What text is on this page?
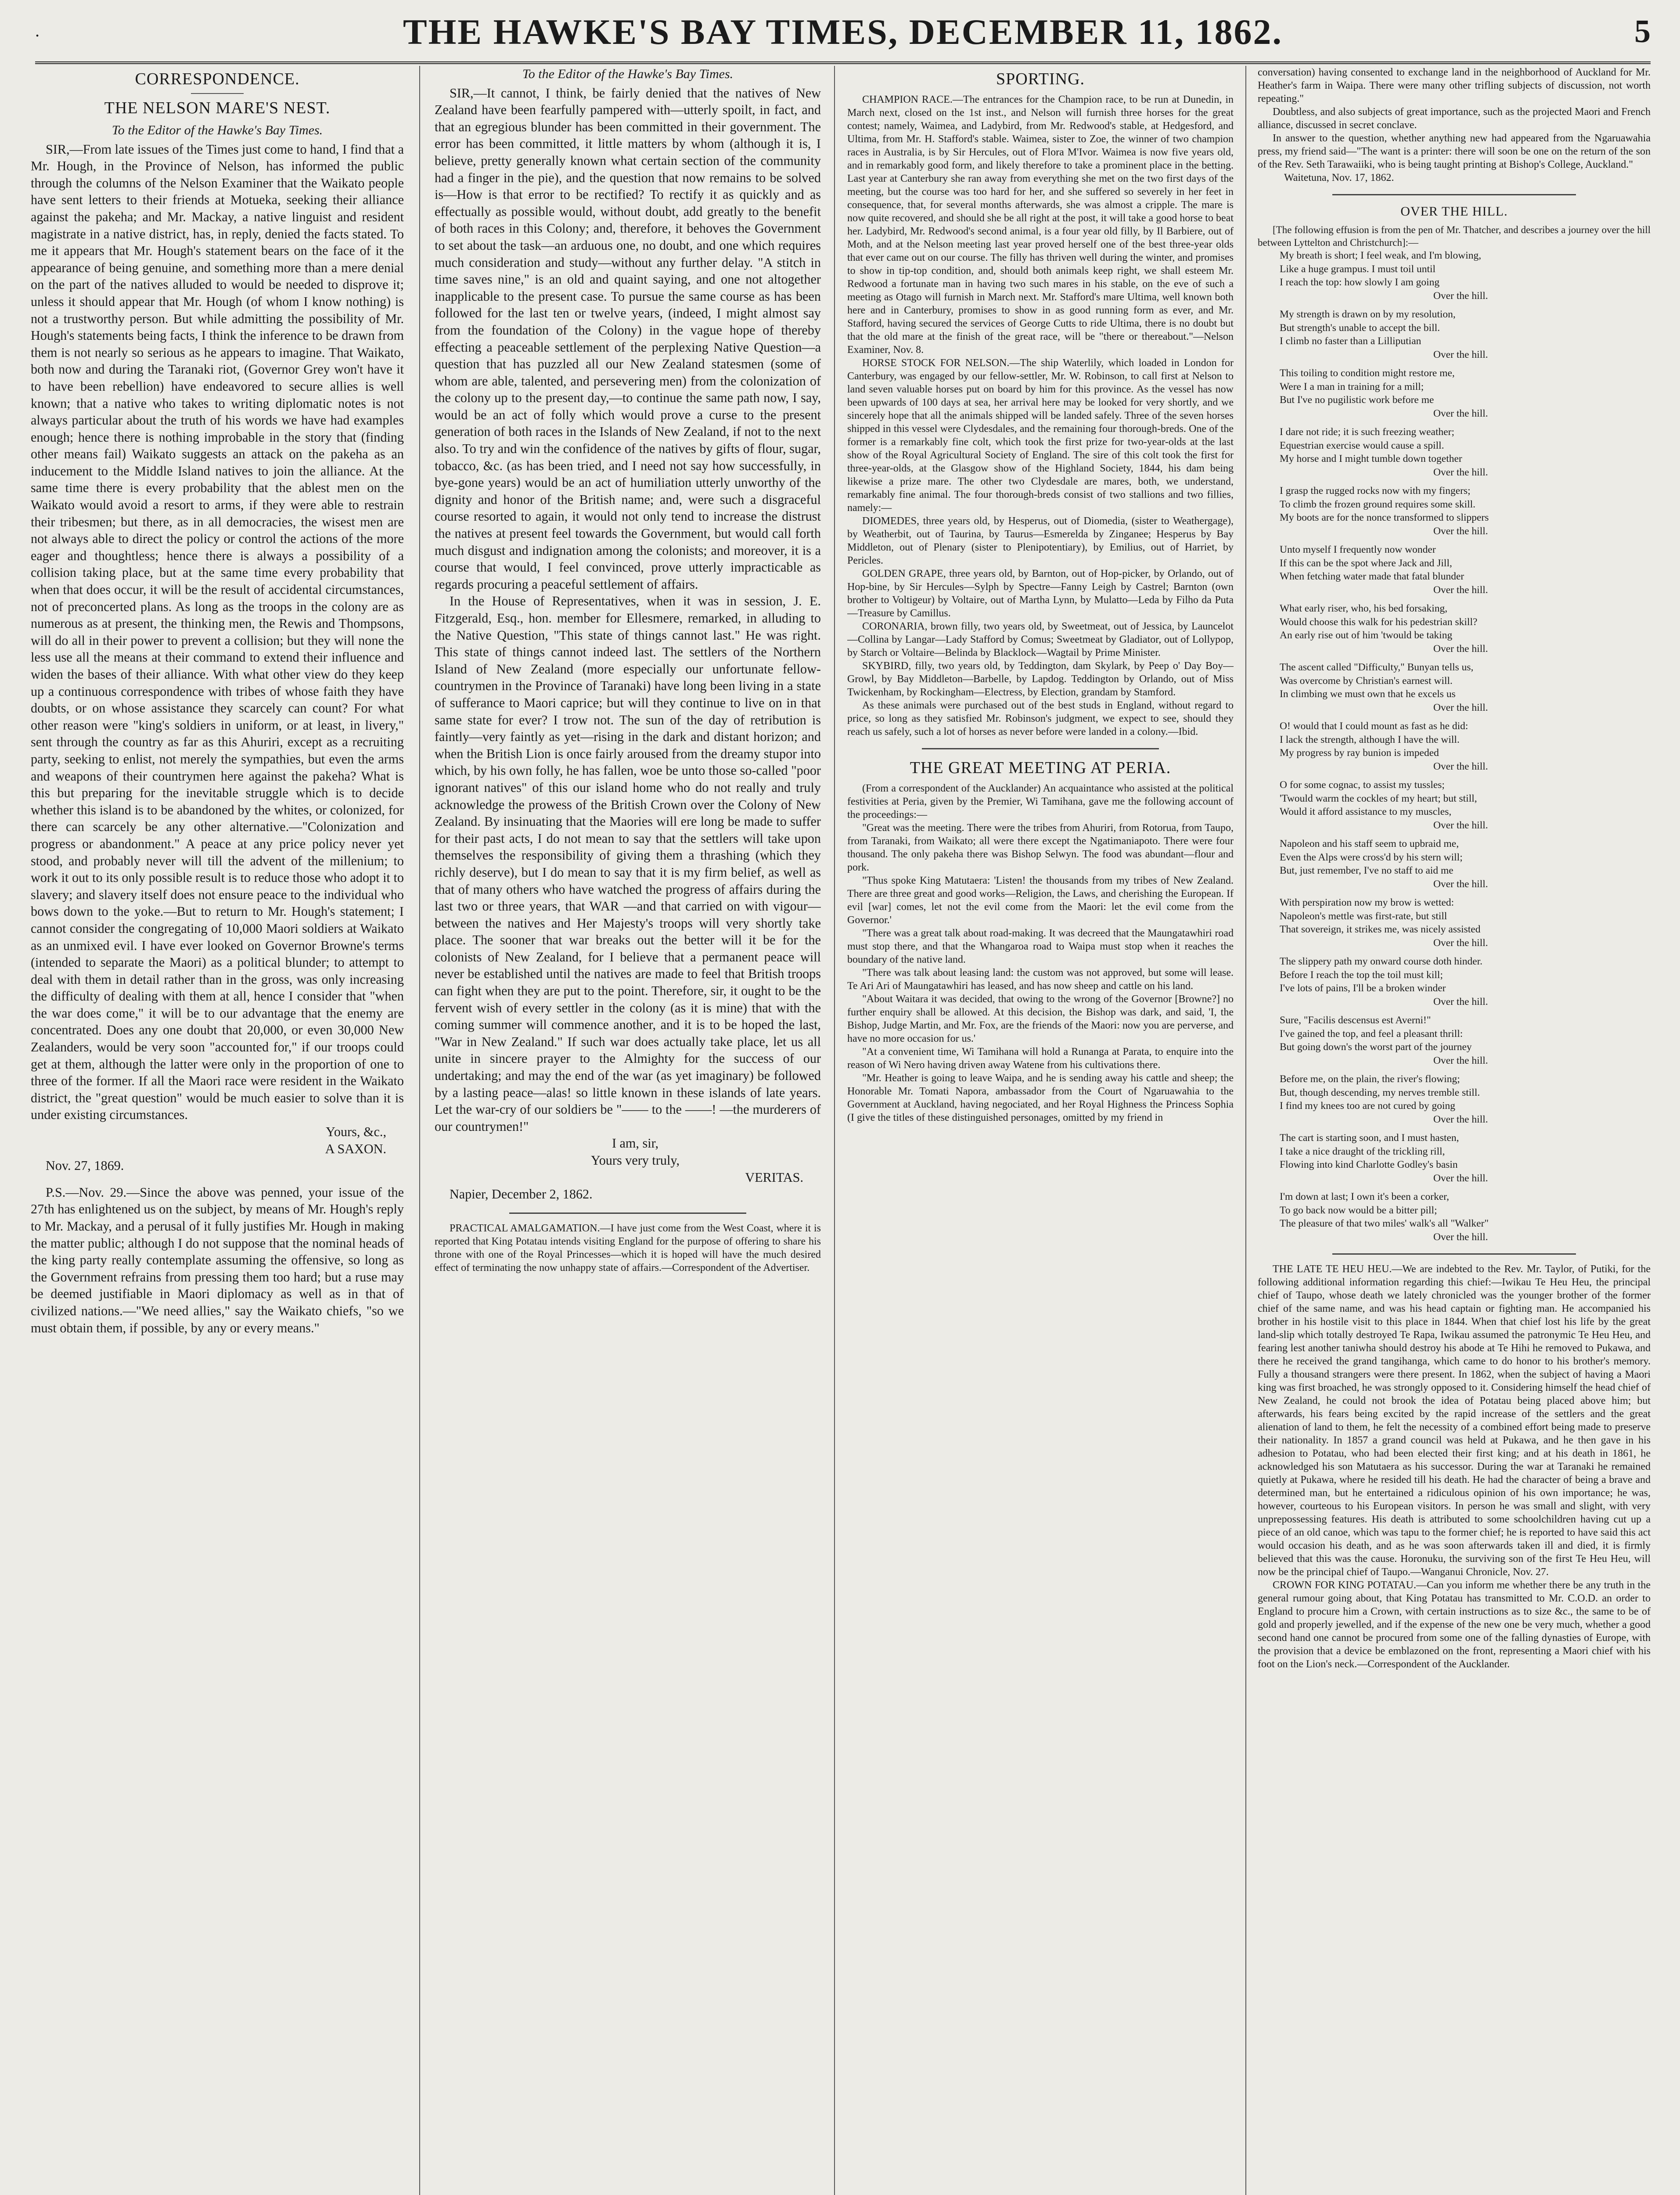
.	THE HAWKE'S BAY TIMES, DECEMBER 11, 1862.	5
CORRESPONDENCE.
THE NELSON MARE'S NEST.
To the Editor of the Hawke's Bay Times.

SIR,—From late issues of the Times just come to hand, I find that a Mr. Hough, in the Province of Nelson, has informed the public through the columns of the Nelson Examiner that the Waikato people have sent letters to their friends at Motueka, seeking their alliance against the pakeha; and Mr. Mackay, a native linguist and resident magistrate in a native district, has, in reply, denied the facts stated. To me it appears that Mr. Hough's statement bears on the face of it the appearance of being genuine, and something more than a mere denial on the part of the natives alluded to would be needed to disprove it; unless it should appear that Mr. Hough (of whom I know nothing) is not a trustworthy person. But while admitting the possibility of Mr. Hough's statements being facts, I think the inference to be drawn from them is not nearly so serious as he appears to imagine. That Waikato, both now and during the Taranaki riot, (Governor Grey won't have it to have been rebellion) have endeavored to secure allies is well known; that a native who takes to writing diplomatic notes is not always particular about the truth of his words we have had examples enough; hence there is nothing improbable in the story that (finding other means fail) Waikato suggests an attack on the pakeha as an inducement to the Middle Island natives to join the alliance. At the same time there is every probability that the ablest men on the Waikato would avoid a resort to arms, if they were able to restrain their tribesmen; but there, as in all democracies, the wisest men are not always able to direct the policy or control the actions of the more eager and thoughtless; hence there is always a possibility of a collision taking place, but at the same time every probability that when that does occur, it will be the result of accidental circumstances, not of preconcerted plans. As long as the troops in the colony are as numerous as at present, the thinking men, the Rewis and Thompsons, will do all in their power to prevent a collision; but they will none the less use all the means at their command to extend their influence and widen the bases of their alliance. With what other view do they keep up a continuous correspondence with tribes of whose faith they have doubts, or on whose assistance they scarcely can count? For what other reason were "king's soldiers in uniform, or at least, in livery," sent through the country as far as this Ahuriri, except as a recruiting party, seeking to enlist, not merely the sympathies, but even the arms and weapons of their countrymen here against the pakeha? What is this but preparing for the inevitable struggle which is to decide whether this island is to be abandoned by the whites, or colonized, for there can scarcely be any other alternative.—"Colonization and progress or abandonment." A peace at any price policy never yet stood, and probably never will till the advent of the millenium; to work it out to its only possible result is to reduce those who adopt it to slavery; and slavery itself does not ensure peace to the individual who bows down to the yoke.—But to return to Mr. Hough's statement; I cannot consider the congregating of 10,000 Maori soldiers at Waikato as an unmixed evil. I have ever looked on Governor Browne's terms (intended to separate the Maori) as a political blunder; to attempt to deal with them in detail rather than in the gross, was only increasing the difficulty of dealing with them at all, hence I consider that "when the war does come," it will be to our advantage that the enemy are concentrated. Does any one doubt that 20,000, or even 30,000 New Zealanders, would be very soon "accounted for," if our troops could get at them, although the latter were only in the proportion of one to three of the former. If all the Maori race were resident in the Waikato district, the "great question" would be much easier to solve than it is under existing circumstances.

Yours, &c.,

A SAXON.

Nov. 27, 1869.

P.S.—Nov. 29.—Since the above was penned, your issue of the 27th has enlightened us on the subject, by means of Mr. Hough's reply to Mr. Mackay, and a perusal of it fully justifies Mr. Hough in making the matter public; although I do not suppose that the nominal heads of the king party really contemplate assuming the offensive, so long as the Government refrains from pressing them too hard; but a ruse may be deemed justifiable in Maori diplomacy as well as in that of civilized nations.—"We need allies," say the Waikato chiefs, "so we must obtain them, if possible, by any or every means."

To the Editor of the Hawke's Bay Times.

SIR,—It cannot, I think, be fairly denied that the natives of New Zealand have been fearfully pampered with—utterly spoilt, in fact, and that an egregious blunder has been committed in their government. The error has been committed, it little matters by whom (although it is, I believe, pretty generally known what certain section of the community had a finger in the pie), and the question that now remains to be solved is—How is that error to be rectified? To rectify it as quickly and as effectually as possible would, without doubt, add greatly to the benefit of both races in this Colony; and, therefore, it behoves the Government to set about the task—an arduous one, no doubt, and one which requires much consideration and study—without any further delay. "A stitch in time saves nine," is an old and quaint saying, and one not altogether inapplicable to the present case. To pursue the same course as has been followed for the last ten or twelve years, (indeed, I might almost say from the foundation of the Colony) in the vague hope of thereby effecting a peaceable settlement of the perplexing Native Question—a question that has puzzled all our New Zealand statesmen (some of whom are able, talented, and persevering men) from the colonization of the colony up to the present day,—to continue the same path now, I say, would be an act of folly which would prove a curse to the present generation of both races in the Islands of New Zealand, if not to the next also. To try and win the confidence of the natives by gifts of flour, sugar, tobacco, &c. (as has been tried, and I need not say how successfully, in bye-gone years) would be an act of humiliation utterly unworthy of the dignity and honor of the British name; and, were such a disgraceful course resorted to again, it would not only tend to increase the distrust the natives at present feel towards the Government, but would call forth much disgust and indignation among the colonists; and moreover, it is a course that would, I feel convinced, prove utterly impracticable as regards procuring a peaceful settlement of affairs.

In the House of Representatives, when it was in session, J. E. Fitzgerald, Esq., hon. member for Ellesmere, remarked, in alluding to the Native Question, "This state of things cannot last." He was right. This state of things cannot indeed last. The settlers of the Northern Island of New Zealand (more especially our unfortunate fellow-countrymen in the Province of Taranaki) have long been living in a state of sufferance to Maori caprice; but will they continue to live on in that same state for ever? I trow not. The sun of the day of retribution is faintly—very faintly as yet—rising in the dark and distant horizon; and when the British Lion is once fairly aroused from the dreamy stupor into which, by his own folly, he has fallen, woe be unto those so-called "poor ignorant natives" of this our island home who do not really and truly acknowledge the prowess of the British Crown over the Colony of New Zealand. By insinuating that the Maories will ere long be made to suffer for their past acts, I do not mean to say that the settlers will take upon themselves the responsibility of giving them a thrashing (which they richly deserve), but I do mean to say that it is my firm belief, as well as that of many others who have watched the progress of affairs during the last two or three years, that WAR —and that carried on with vigour—between the natives and Her Majesty's troops will very shortly take place. The sooner that war breaks out the better will it be for the colonists of New Zealand, for I believe that a permanent peace will never be established until the natives are made to feel that British troops can fight when they are put to the point. Therefore, sir, it ought to be the fervent wish of every settler in the colony (as it is mine) that with the coming summer will commence another, and it is to be hoped the last, "War in New Zealand." If such war does actually take place, let us all unite in sincere prayer to the Almighty for the success of our undertaking; and may the end of the war (as yet imaginary) be followed by a lasting peace—alas! so little known in these islands of late years. Let the war-cry of our soldiers be "—— to the ——! —the murderers of our countrymen!"

I am, sir,

Yours very truly,

VERITAS.

Napier, December 2, 1862.

PRACTICAL AMALGAMATION.—I have just come from the West Coast, where it is reported that King Potatau intends visiting England for the purpose of offering to share his throne with one of the Royal Princesses—which it is hoped will have the much desired effect of terminating the now unhappy state of affairs.—Correspondent of the Advertiser.

SPORTING.

CHAMPION RACE.—The entrances for the Champion race, to be run at Dunedin, in March next, closed on the 1st inst., and Nelson will furnish three horses for the great contest; namely, Waimea, and Ladybird, from Mr. Redwood's stable, at Hedgesford, and Ultima, from Mr. H. Stafford's stable. Waimea, sister to Zoe, the winner of two champion races in Australia, is by Sir Hercules, out of Flora M'Ivor. Waimea is now five years old, and in remarkably good form, and likely therefore to take a prominent place in the betting. Last year at Canterbury she ran away from everything she met on the two first days of the meeting, but the course was too hard for her, and she suffered so severely in her feet in consequence, that, for several months afterwards, she was almost a cripple. The mare is now quite recovered, and should she be all right at the post, it will take a good horse to beat her. Ladybird, Mr. Redwood's second animal, is a four year old filly, by Il Barbiere, out of Moth, and at the Nelson meeting last year proved herself one of the best three-year olds that ever came out on our course. The filly has thriven well during the winter, and promises to show in tip-top condition, and, should both animals keep right, we shall esteem Mr. Redwood a fortunate man in having two such mares in his stable, on the eve of such a meeting as Otago will furnish in March next. Mr. Stafford's mare Ultima, well known both here and in Canterbury, promises to show in as good running form as ever, and Mr. Stafford, having secured the services of George Cutts to ride Ultima, there is no doubt but that the old mare at the finish of the great race, will be "there or thereabout."—Nelson Examiner, Nov. 8.

HORSE STOCK FOR NELSON.—The ship Waterlily, which loaded in London for Canterbury, was engaged by our fellow-settler, Mr. W. Robinson, to call first at Nelson to land seven valuable horses put on board by him for this province. As the vessel has now been upwards of 100 days at sea, her arrival here may be looked for very shortly, and we sincerely hope that all the animals shipped will be landed safely. Three of the seven horses shipped in this vessel were Clydesdales, and the remaining four thorough-breds. One of the former is a remarkably fine colt, which took the first prize for two-year-olds at the last show of the Royal Agricultural Society of England. The sire of this colt took the first for three-year-olds, at the Glasgow show of the Highland Society, 1844, his dam being likewise a prize mare. The other two Clydesdale are mares, both, we understand, remarkably fine animal. The four thorough-breds consist of two stallions and two fillies, namely:—

DIOMEDES, three years old, by Hesperus, out of Diomedia, (sister to Weathergage), by Weatherbit, out of Taurina, by Taurus—Esmerelda by Zinganee; Hesperus by Bay Middleton, out of Plenary (sister to Plenipotentiary), by Emilius, out of Harriet, by Pericles.

GOLDEN GRAPE, three years old, by Barnton, out of Hop-picker, by Orlando, out of Hop-bine, by Sir Hercules—Sylph by Spectre—Fanny Leigh by Castrel; Barnton (own brother to Voltigeur) by Voltaire, out of Martha Lynn, by Mulatto—Leda by Filho da Puta—Treasure by Camillus.

CORONARIA, brown filly, two years old, by Sweetmeat, out of Jessica, by Launcelot—Collina by Langar—Lady Stafford by Comus; Sweetmeat by Gladiator, out of Lollypop, by Starch or Voltaire—Belinda by Blacklock—Wagtail by Prime Minister.

SKYBIRD, filly, two years old, by Teddington, dam Skylark, by Peep o' Day Boy—Growl, by Bay Middleton—Barbelle, by Lapdog. Teddington by Orlando, out of Miss Twickenham, by Rockingham—Electress, by Election, grandam by Stamford.

As these animals were purchased out of the best studs in England, without regard to price, so long as they satisfied Mr. Robinson's judgment, we expect to see, should they reach us safely, such a lot of horses as never before were landed in a colony.—Ibid.

THE GREAT MEETING AT PERIA.

(From a correspondent of the Aucklander) An acquaintance who assisted at the political festivities at Peria, given by the Premier, Wi Tamihana, gave me the following account of the proceedings:—

"Great was the meeting. There were the tribes from Ahuriri, from Rotorua, from Taupo, from Taranaki, from Waikato; all were there except the Ngatimaniapoto. There were four thousand. The only pakeha there was Bishop Selwyn. The food was abundant—flour and pork.

"Thus spoke King Matutaera: 'Listen! the thousands from my tribes of New Zealand. There are three great and good works—Religion, the Laws, and cherishing the European. If evil [war] comes, let not the evil come from the Maori: let the evil come from the Governor.'

"There was a great talk about road-making. It was decreed that the Maungatawhiri road must stop there, and that the Whangaroa road to Waipa must stop when it reaches the boundary of the native land.

"There was talk about leasing land: the custom was not approved, but some will lease. Te Ari Ari of Maungatawhiri has leased, and has now sheep and cattle on his land.

"About Waitara it was decided, that owing to the wrong of the Governor [Browne?] no further enquiry shall be allowed. At this decision, the Bishop was dark, and said, 'I, the Bishop, Judge Martin, and Mr. Fox, are the friends of the Maori: now you are perverse, and have no more occasion for us.'

"At a convenient time, Wi Tamihana will hold a Runanga at Parata, to enquire into the reason of Wi Nero having driven away Watene from his cultivations there.

"Mr. Heather is going to leave Waipa, and he is sending away his cattle and sheep; the Honorable Mr. Tomati Napora, ambassador from the Court of Ngaruawahia to the Government at Auckland, having negociated, and her Royal Highness the Princess Sophia (I give the titles of these distinguished personages, omitted by my friend in

conversation) having consented to exchange land in the neighborhood of Auckland for Mr. Heather's farm in Waipa. There were many other trifling subjects of discussion, not worth repeating."

Doubtless, and also subjects of great importance, such as the projected Maori and French alliance, discussed in secret conclave.

In answer to the question, whether anything new had appeared from the Ngaruawahia press, my friend said—"The want is a printer: there will soon be one on the return of the son of the Rev. Seth Tarawaiiki, who is being taught printing at Bishop's College, Auckland."

Waitetuna, Nov. 17, 1862.

OVER THE HILL.

[The following effusion is from the pen of Mr. Thatcher, and describes a journey over the hill between Lyttelton and Christchurch]:—

My breath is short; I feel weak, and I'm blowing,
Like a huge grampus. I must toil until
I reach the top: how slowly I am going
Over the hill.
My strength is drawn on by my resolution,
But strength's unable to accept the bill.
I climb no faster than a Lilliputian
Over the hill.
This toiling to condition might restore me,
Were I a man in training for a mill;
But I've no pugilistic work before me
Over the hill.
I dare not ride; it is such freezing weather;
Equestrian exercise would cause a spill.
My horse and I might tumble down together
Over the hill.
I grasp the rugged rocks now with my fingers;
To climb the frozen ground requires some skill.
My boots are for the nonce transformed to slippers
Over the hill.
Unto myself I frequently now wonder
If this can be the spot where Jack and Jill,
When fetching water made that fatal blunder
Over the hill.
What early riser, who, his bed forsaking,
Would choose this walk for his pedestrian skill?
An early rise out of him 'twould be taking
Over the hill.
The ascent called "Difficulty," Bunyan tells us,
Was overcome by Christian's earnest will.
In climbing we must own that he excels us
Over the hill.
O! would that I could mount as fast as he did:
I lack the strength, although I have the will.
My progress by ray bunion is impeded
Over the hill.
O for some cognac, to assist my tussles;
'Twould warm the cockles of my heart; but still,
Would it afford assistance to my muscles,
Over the hill.
Napoleon and his staff seem to upbraid me,
Even the Alps were cross'd by his stern will;
But, just remember, I've no staff to aid me
Over the hill.
With perspiration now my brow is wetted:
Napoleon's mettle was first-rate, but still
That sovereign, it strikes me, was nicely assisted
Over the hill.
The slippery path my onward course doth hinder.
Before I reach the top the toil must kill;
I've lots of pains, I'll be a broken winder
Over the hill.
Sure, "Facilis descensus est Averni!"
I've gained the top, and feel a pleasant thrill:
But going down's the worst part of the journey
Over the hill.
Before me, on the plain, the river's flowing;
But, though descending, my nerves tremble still.
I find my knees too are not cured by going
Over the hill.
The cart is starting soon, and I must hasten,
I take a nice draught of the trickling rill,
Flowing into kind Charlotte Godley's basin
Over the hill.
I'm down at last; I own it's been a corker,
To go back now would be a bitter pill;
The pleasure of that two miles' walk's all "Walker"
Over the hill.

THE LATE TE HEU HEU.—We are indebted to the Rev. Mr. Taylor, of Putiki, for the following additional information regarding this chief:—Iwikau Te Heu Heu, the principal chief of Taupo, whose death we lately chronicled was the younger brother of the former chief of the same name, and was his head captain or fighting man. He accompanied his brother in his hostile visit to this place in 1844. When that chief lost his life by the great land-slip which totally destroyed Te Rapa, Iwikau assumed the patronymic Te Heu Heu, and fearing lest another taniwha should destroy his abode at Te Hihi he removed to Pukawa, and there he received the grand tangihanga, which came to do honor to his brother's memory. Fully a thousand strangers were there present. In 1862, when the subject of having a Maori king was first broached, he was strongly opposed to it. Considering himself the head chief of New Zealand, he could not brook the idea of Potatau being placed above him; but afterwards, his fears being excited by the rapid increase of the settlers and the great alienation of land to them, he felt the necessity of a combined effort being made to preserve their nationality. In 1857 a grand council was held at Pukawa, and he then gave in his adhesion to Potatau, who had been elected their first king; and at his death in 1861, he acknowledged his son Matutaera as his successor. During the war at Taranaki he remained quietly at Pukawa, where he resided till his death. He had the character of being a brave and determined man, but he entertained a ridiculous opinion of his own importance; he was, however, courteous to his European visitors. In person he was small and slight, with very unprepossessing features. His death is attributed to some schoolchildren having cut up a piece of an old canoe, which was tapu to the former chief; he is reported to have said this act would occasion his death, and as he was soon afterwards taken ill and died, it is firmly believed that this was the cause. Horonuku, the surviving son of the first Te Heu Heu, will now be the principal chief of Taupo.—Wanganui Chronicle, Nov. 27.

CROWN FOR KING POTATAU.—Can you inform me whether there be any truth in the general rumour going about, that King Potatau has transmitted to Mr. C.O.D. an order to England to procure him a Crown, with certain instructions as to size &c., the same to be of gold and properly jewelled, and if the expense of the new one be very much, whether a good second hand one cannot be procured from some one of the falling dynasties of Europe, with the provision that a device be emblazoned on the front, representing a Maori chief with his foot on the Lion's neck.—Correspondent of the Aucklander.
